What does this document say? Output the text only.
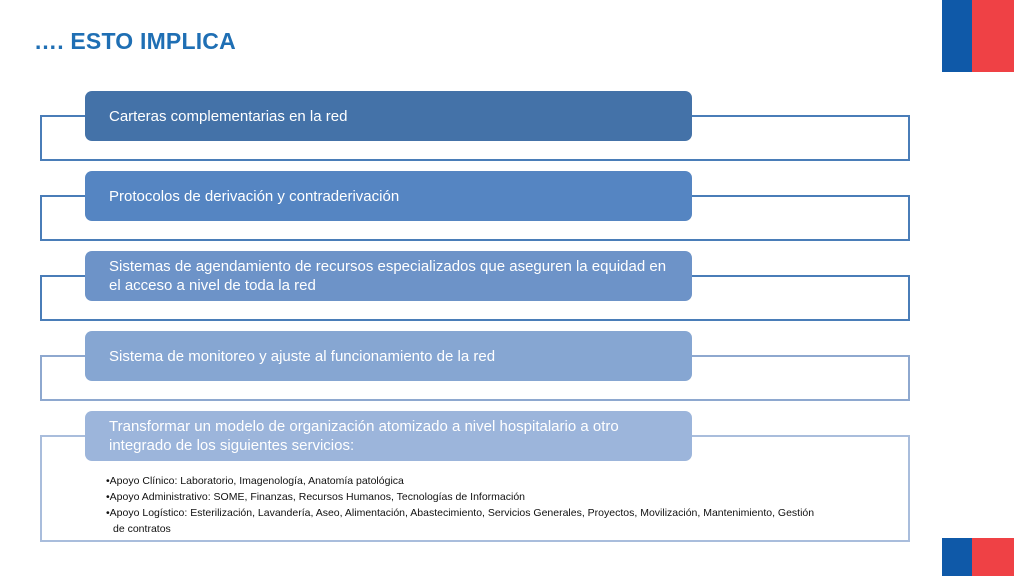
…. ESTO IMPLICA
Carteras complementarias en la red
Protocolos de derivación y contraderivación
Sistemas de agendamiento de recursos especializados que aseguren la equidad en el acceso a nivel de toda la red
Sistema de monitoreo y ajuste al funcionamiento de la red
Transformar un modelo de organización atomizado a nivel hospitalario a otro integrado de los siguientes servicios:
•Apoyo Clínico: Laboratorio, Imagenología, Anatomía patológica
•Apoyo Administrativo: SOME, Finanzas, Recursos Humanos, Tecnologías de Información
•Apoyo Logístico: Esterilización, Lavandería, Aseo, Alimentación, Abastecimiento, Servicios Generales, Proyectos, Movilización, Mantenimiento, Gestión
de contratos
